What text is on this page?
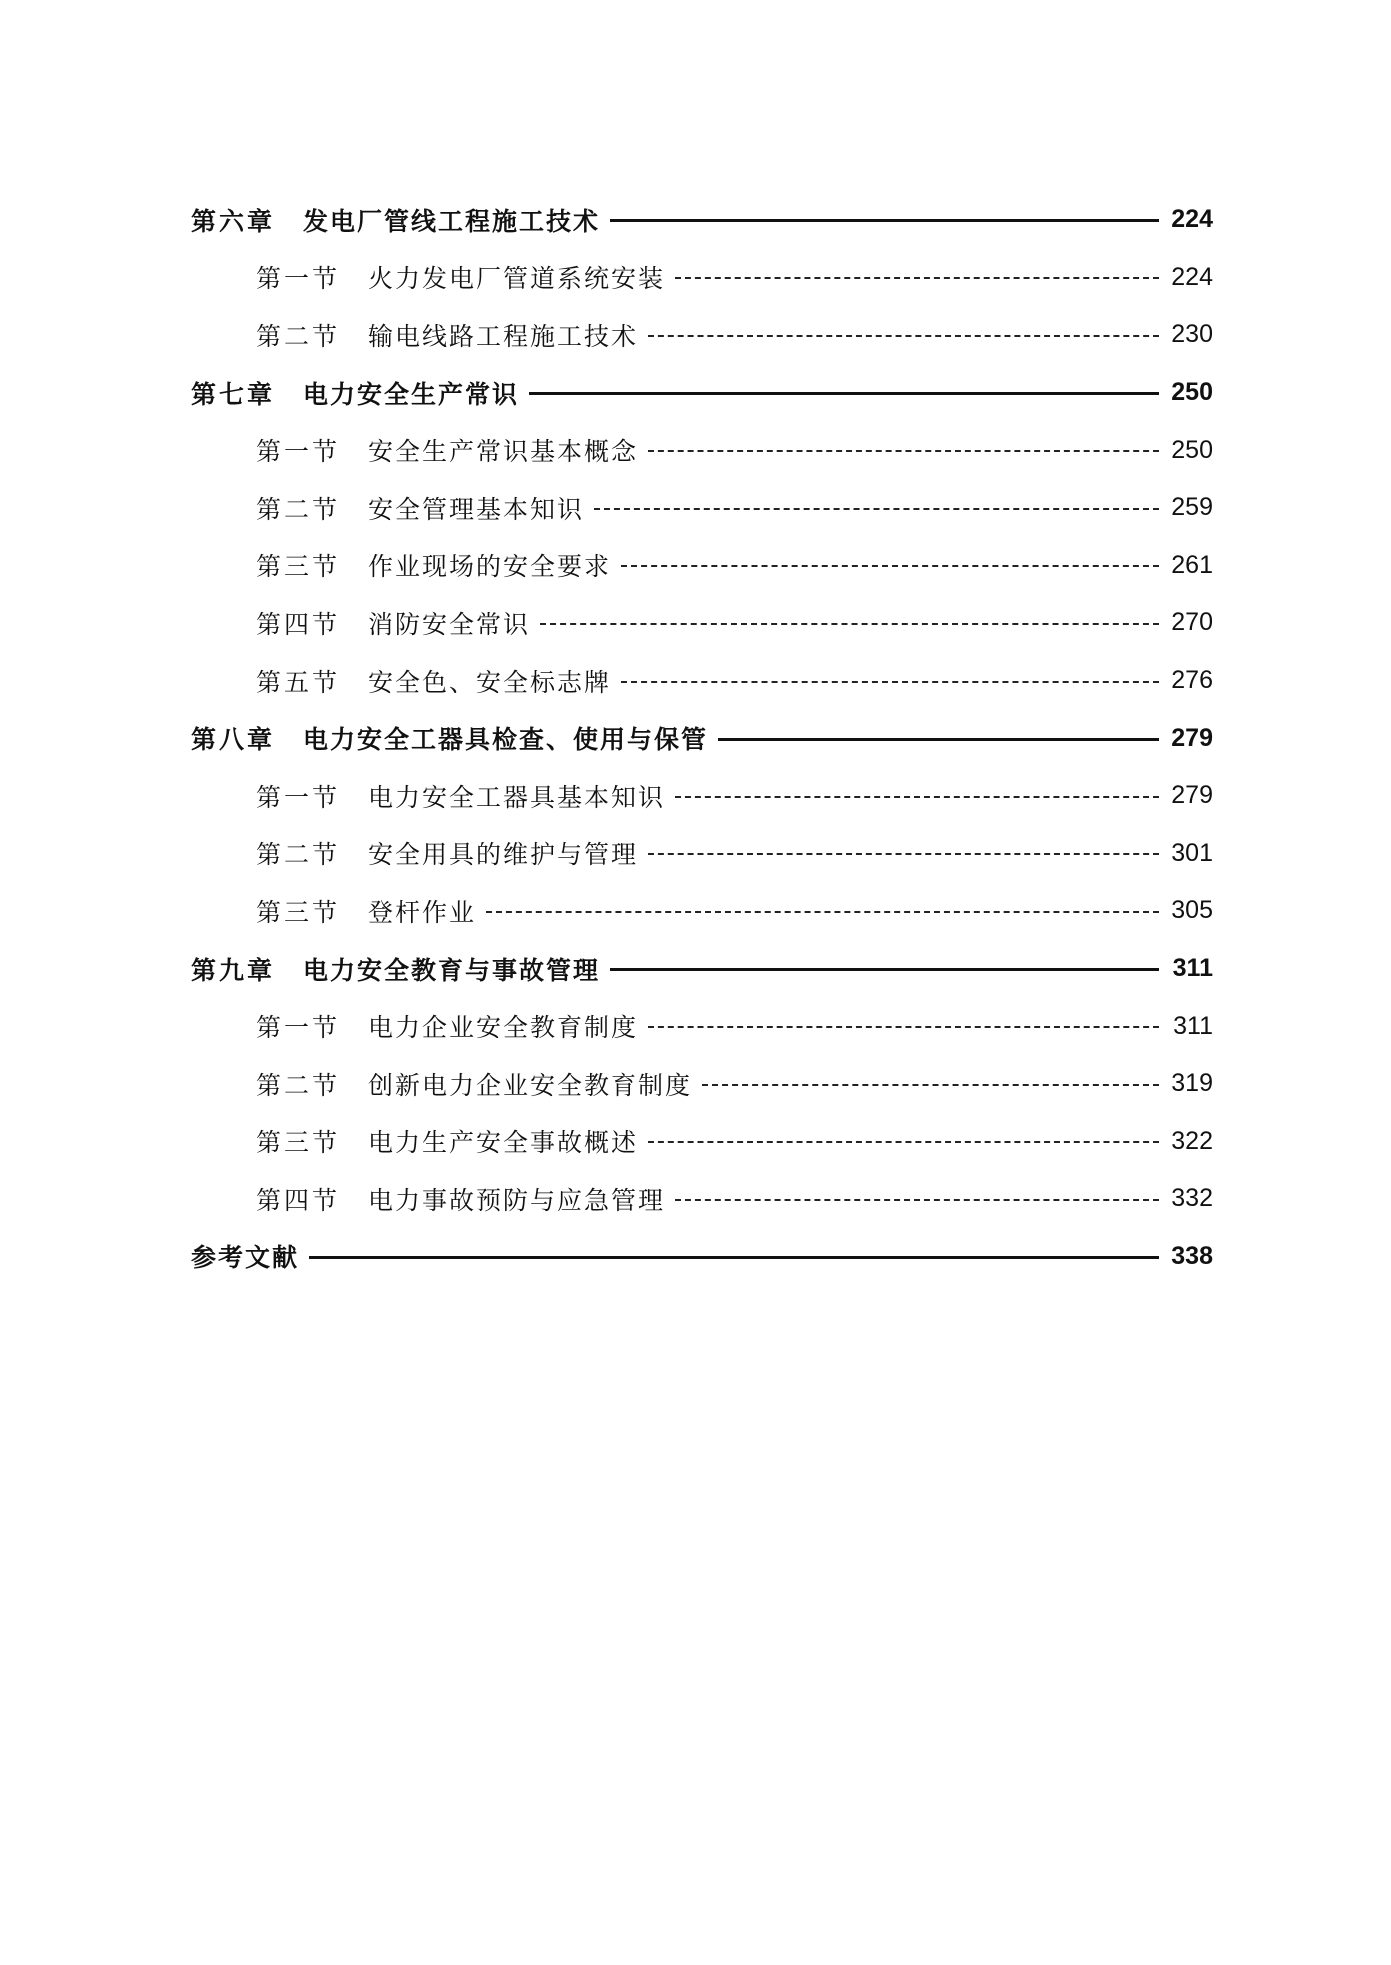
第六章 发电厂管线工程施工技术	224
第一节 火力发电厂管道系统安装	224
第二节 输电线路工程施工技术	230
第七章 电力安全生产常识	250
第一节 安全生产常识基本概念	250
第二节 安全管理基本知识	259
第三节 作业现场的安全要求	261
第四节 消防安全常识	270
第五节 安全色、安全标志牌	276
第八章 电力安全工器具检查、使用与保管	279
第一节 电力安全工器具基本知识	279
第二节 安全用具的维护与管理	301
第三节 登杆作业	305
第九章 电力安全教育与事故管理	311
第一节 电力企业安全教育制度	311
第二节 创新电力企业安全教育制度	319
第三节 电力生产安全事故概述	322
第四节 电力事故预防与应急管理	332
参考文献	338
